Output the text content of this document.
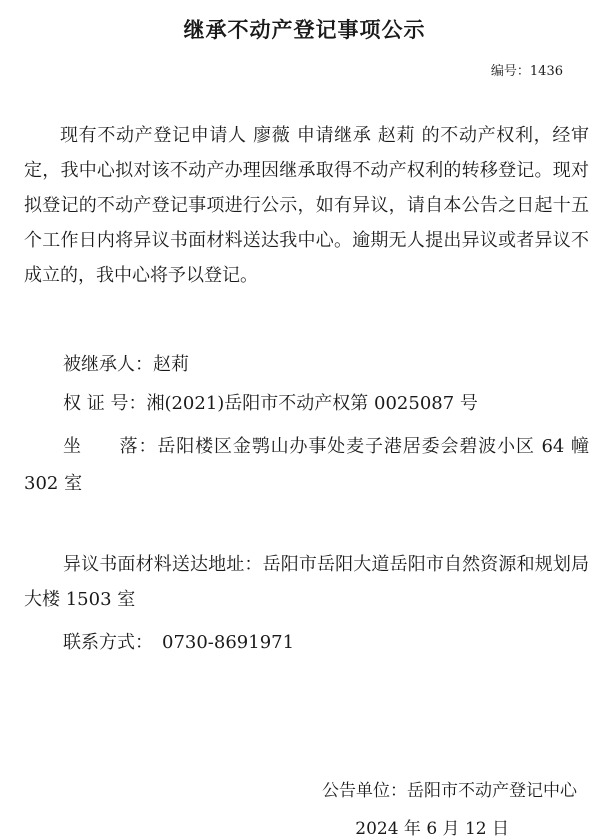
继承不动产登记事项公示
编号：1436

现有不动产登记申请人 廖薇 申请继承 赵莉 的不动产权利，经审定，我中心拟对该不动产办理因继承取得不动产权利的转移登记。现对拟登记的不动产登记事项进行公示，如有异议，请自本公告之日起十五个工作日内将异议书面材料送达我中心。逾期无人提出异议或者异议不成立的，我中心将予以登记。

被继承人：赵莉
权 证 号：湘(2021)岳阳市不动产权第 0025087 号

坐　　落：岳阳楼区金鹗山办事处麦子港居委会碧波小区 64 幢 302 室

异议书面材料送达地址：岳阳市岳阳大道岳阳市自然资源和规划局大楼 1503 室

联系方式：　0730-8691971
公告单位：岳阳市不动产登记中心
2024 年 6 月 12 日
